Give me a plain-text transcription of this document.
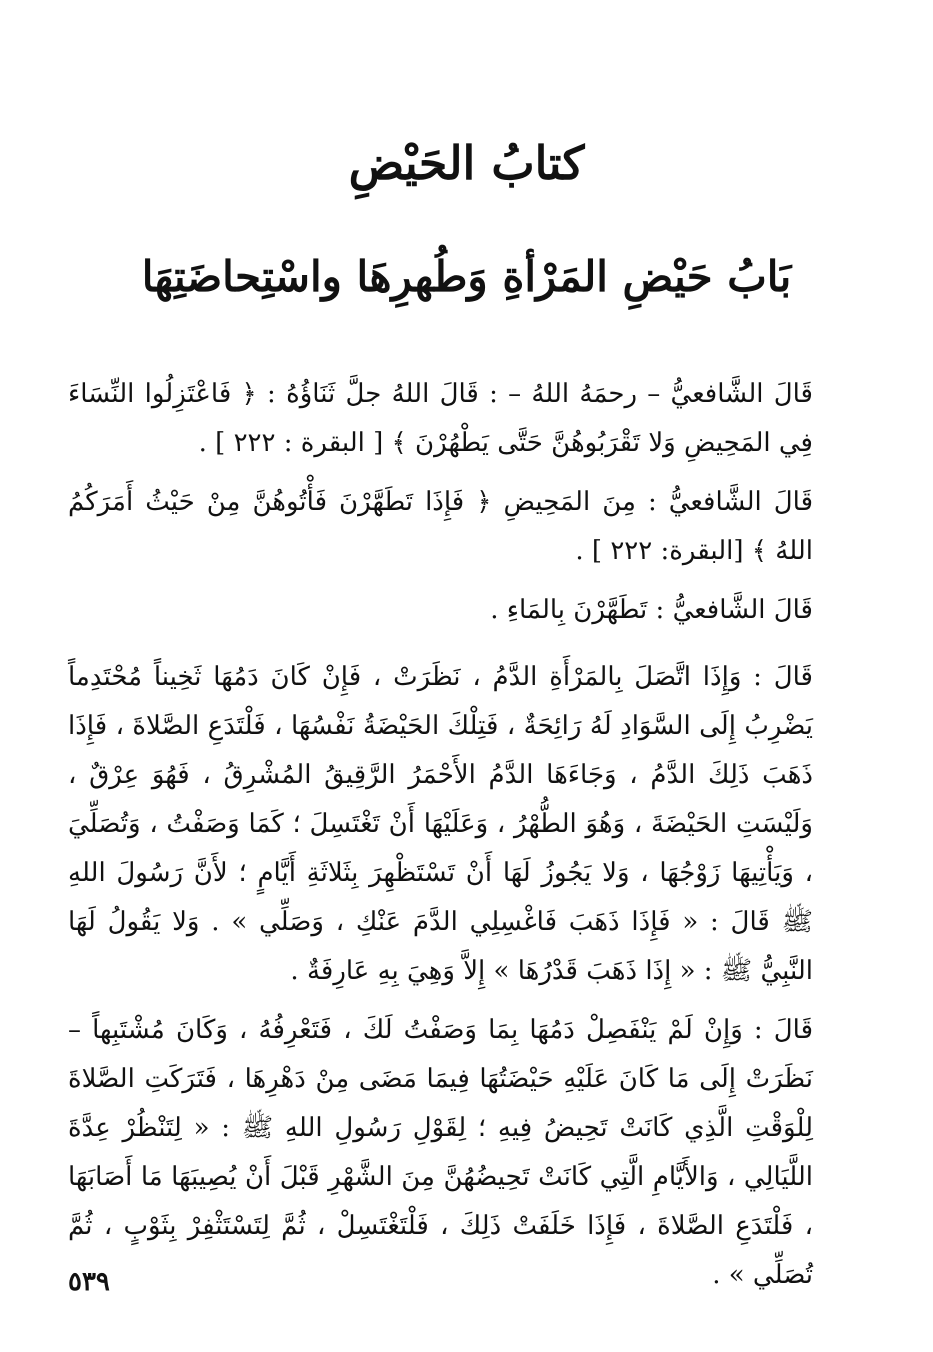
كتابُ الحَيْضِ
بَابُ حَيْضِ المَرْأةِ وَطُهرِهَا واسْتِحاضَتِهَا

قَالَ الشَّافعيُّ – رحمَهُ اللهُ – : قَالَ اللهُ جلَّ ثَنَاؤُهُ : ﴿ فَاعْتَزِلُوا النِّسَاءَ فِي المَحِيضِ وَلا تَقْرَبُوهُنَّ حَتَّى يَطْهُرْنَ ﴾ [ البقرة : ٢٢٢ ] .

قَالَ الشَّافعيُّ : مِنَ المَحِيضِ ﴿ فَإِذَا تَطَهَّرْنَ فَأْتُوهُنَّ مِنْ حَيْثُ أَمَرَكُمُ اللهُ ﴾ [البقرة: ٢٢٢ ] .

قَالَ الشَّافعيُّ : تَطَهَّرْنَ بِالمَاءِ .

قَالَ : وَإِذَا اتَّصَلَ بِالمَرْأَةِ الدَّمُ ، نَظَرَتْ ، فَإِنْ كَانَ دَمُهَا ثَخِيناً مُحْتَدِماً يَضْرِبُ إِلَى السَّوَادِ لَهُ رَائِحَةٌ ، فَتِلْكَ الحَيْضَةُ نَفْسُهَا ، فَلْتَدَعِ الصَّلاةَ ، فَإِذَا ذَهَبَ ذَلِكَ الدَّمُ ، وَجَاءَهَا الدَّمُ الأَحْمَرُ الرَّقِيقُ المُشْرِقُ ، فَهُوَ عِرْقٌ ، وَلَيْسَتِ الحَيْضَةَ ، وَهُوَ الطُّهْرُ ، وَعَلَيْهَا أَنْ تَغْتَسِلَ ؛ كَمَا وَصَفْتُ ، وَتُصَلِّيَ ، وَيَأْتِيهَا زَوْجُهَا ، وَلا يَجُوزُ لَهَا أَنْ تَسْتَظْهِرَ بِثَلاثَةِ أَيَّامٍ ؛ لأَنَّ رَسُولَ اللهِ ﷺ قَالَ : « فَإِذَا ذَهَبَ فَاغْسِلِي الدَّمَ عَنْكِ ، وَصَلِّي » . وَلا يَقُولُ لَهَا النَّبِيُّ ﷺ : « إِذَا ذَهَبَ قَدْرُهَا » إِلاَّ وَهِيَ بِهِ عَارِفَةٌ .

قَالَ : وَإِنْ لَمْ يَنْفَصِلْ دَمُهَا بِمَا وَصَفْتُ لَكَ ، فَتَعْرِفُهُ ، وَكَانَ مُشْتَبِهاً – نَظَرَتْ إِلَى مَا كَانَ عَلَيْهِ حَيْضَتُهَا فِيمَا مَضَى مِنْ دَهْرِهَا ، فَتَرَكَتِ الصَّلاةَ لِلْوَقْتِ الَّذِي كَانَتْ تَحِيضُ فِيهِ ؛ لِقَوْلِ رَسُولِ اللهِ ﷺ : « لِتَنْظُرْ عِدَّةَ اللَّيَالِي ، وَالأَيَّامِ الَّتِي كَانَتْ تَحِيضُهُنَّ مِنَ الشَّهْرِ قَبْلَ أَنْ يُصِيبَهَا مَا أَصَابَهَا ، فَلْتَدَعِ الصَّلاةَ ، فَإِذَا خَلَفَتْ ذَلِكَ ، فَلْتَغْتَسِلْ ، ثُمَّ لِتَسْتَثْفِرْ بِثَوْبٍ ، ثُمَّ تُصَلِّي » .

٥٣٩
